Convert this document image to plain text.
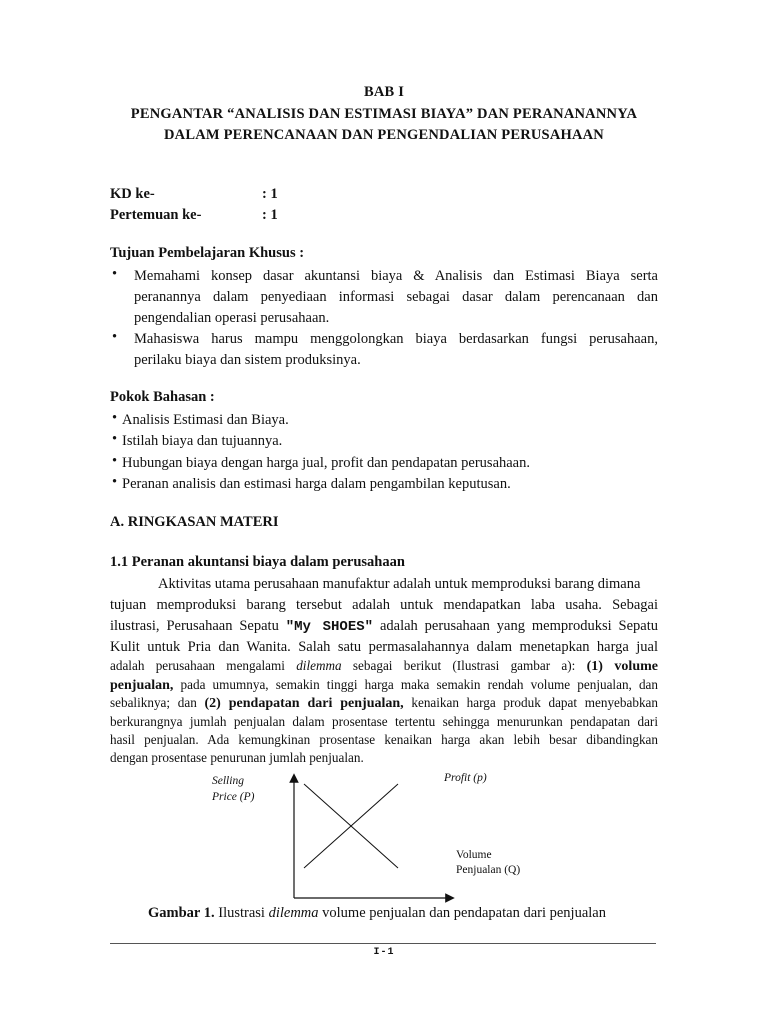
BAB I
PENGANTAR “ANALISIS DAN ESTIMASI BIAYA” DAN PERANANANNYA
DALAM PERENCANAAN DAN PENGENDALIAN PERUSAHAAN
KD ke-	: 1
Pertemuan ke-	: 1
Tujuan Pembelajaran Khusus :
• Memahami konsep dasar akuntansi biaya & Analisis dan Estimasi Biaya serta
peranannya dalam penyediaan informasi sebagai dasar dalam perencanaan dan
pengendalian operasi perusahaan.
• Mahasiswa harus mampu menggolongkan biaya berdasarkan fungsi perusahaan,
perilaku biaya dan sistem produksinya.
Pokok Bahasan :
• Analisis Estimasi dan Biaya.
• Istilah biaya dan tujuannya.
• Hubungan biaya dengan harga jual, profit dan pendapatan perusahaan.
• Peranan analisis dan estimasi harga dalam pengambilan keputusan.
A. RINGKASAN MATERI
1.1 Peranan akuntansi biaya dalam perusahaan
Aktivitas utama perusahaan manufaktur adalah untuk memproduksi barang dimana
tujuan memproduksi barang tersebut adalah untuk mendapatkan laba usaha. Sebagai
ilustrasi, Perusahaan Sepatu "My SHOES" adalah perusahaan yang memproduksi Sepatu
Kulit untuk Pria dan Wanita. Salah satu permasalahannya dalam menetapkan harga jual
adalah perusahaan mengalami dilemma sebagai berikut (Ilustrasi gambar a): (1) volume
penjualan, pada umumnya, semakin tinggi harga maka semakin rendah volume penjualan, dan
sebaliknya; dan (2) pendapatan dari penjualan, kenaikan harga produk dapat menyebabkan
berkurangnya jumlah penjualan dalam prosentase tertentu sehingga menurunkan pendapatan dari
hasil penjualan. Ada kemungkinan prosentase kenaikan harga akan lebih besar dibandingkan
dengan prosentase penurunan jumlah penjualan.
Selling
Price (P)
Profit (p)
Volume
Penjualan (Q)
Gambar 1. Ilustrasi dilemma volume penjualan dan pendapatan dari penjualan
I-1
